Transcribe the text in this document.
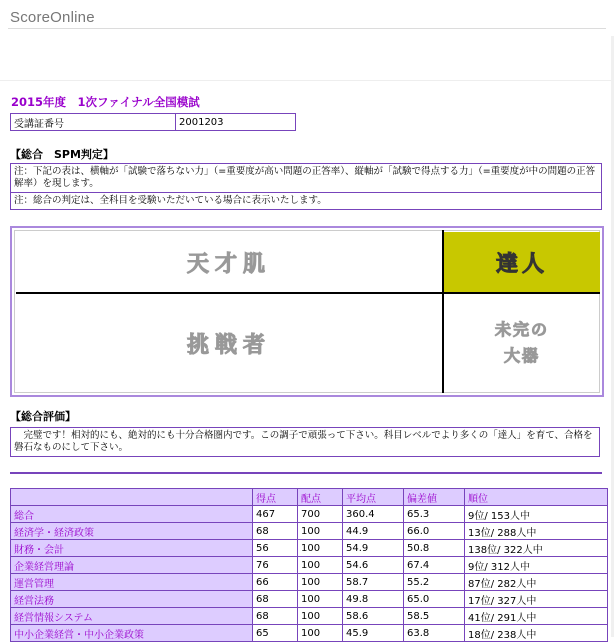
ScoreOnline
2015年度　1次ファイナル全国模試
受講証番号	2001203
【総合　SPM判定】
注：下記の表は、横軸が「試験で落ちない力」（=重要度が高い問題の正答率）、縦軸が「試験で得点する力」（=重要度が中の問題の正答解率）を現します。
注：総合の判定は、全科目を受験いただいている場合に表示いたします。
天才肌	達人
挑戦者
未完の
大器
【総合評価】
　完璧です！相対的にも、絶対的にも十分合格圏内です。この調子で頑張って下さい。科目レベルでより多くの「達人」を育て、合格を磐石なものにして下さい。
	得点	配点	平均点	偏差値	順位
総合	467	700	360.4	65.3	9位/ 153人中
経済学・経済政策	68	100	44.9	66.0	13位/ 288人中
財務・会計	56	100	54.9	50.8	138位/ 322人中
企業経営理論	76	100	54.6	67.4	9位/ 312人中
運営管理	66	100	58.7	55.2	87位/ 282人中
経営法務	68	100	49.8	65.0	17位/ 327人中
経営情報システム	68	100	58.6	58.5	41位/ 291人中
中小企業経営・中小企業政策	65	100	45.9	63.8	18位/ 238人中
